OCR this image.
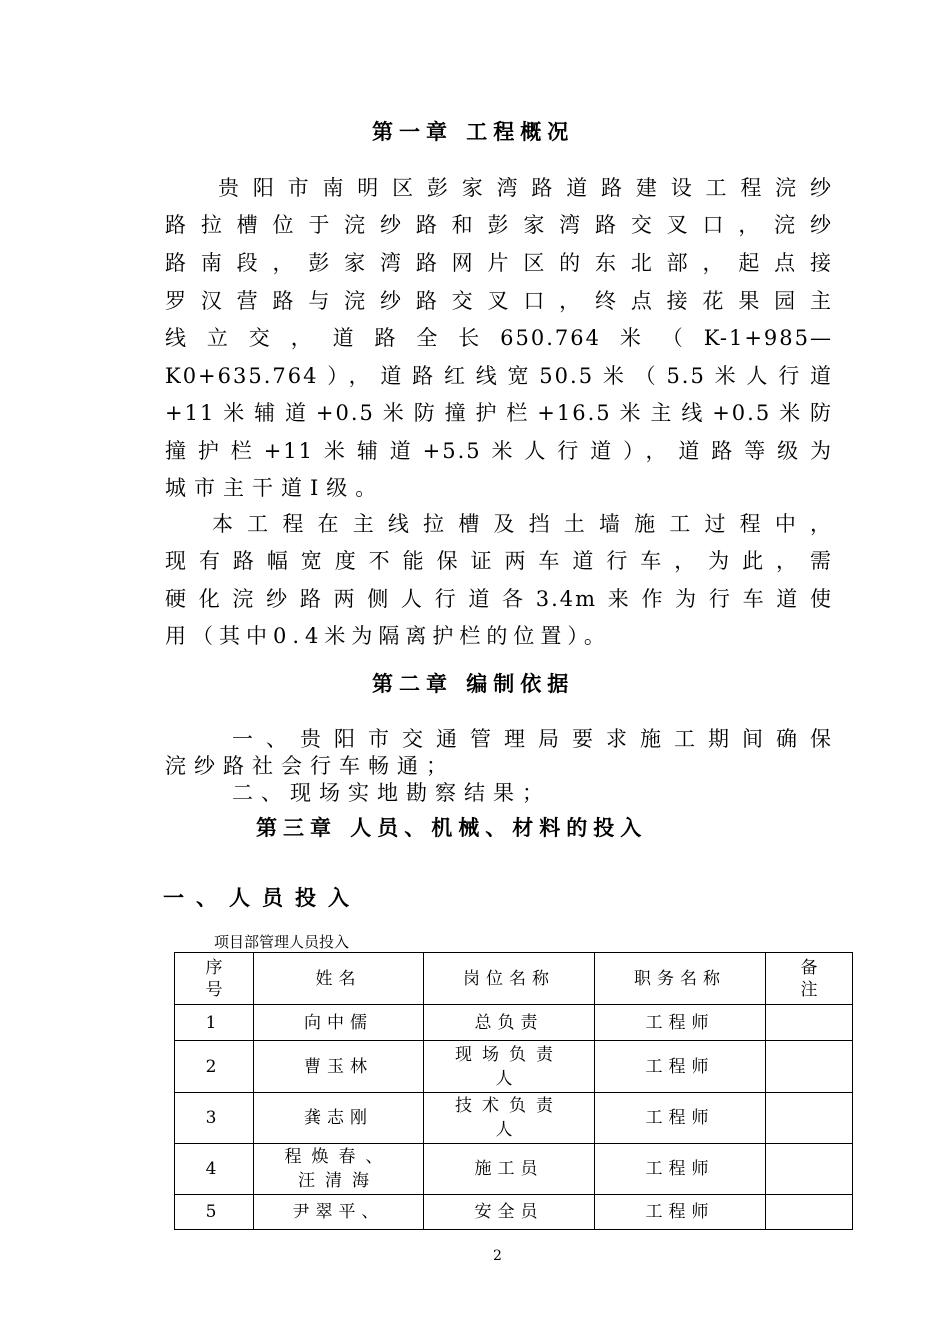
第一章 工程概况
贵阳市南明区彭家湾路道路建设工程浣纱
路拉槽位于浣纱路和彭家湾路交叉口，浣纱
路南段，彭家湾路网片区的东北部，起点接
罗汉营路与浣纱路交叉口，终点接花果园主
线立交，道路全长650.764米（K-1+985—
K0+635.764），道路红线宽50.5米（5.5米人行道
+11米辅道+0.5米防撞护栏+16.5米主线+0.5米防
撞护栏+11米辅道+5.5米人行道），道路等级为
城市主干道Ⅰ级。
本工程在主线拉槽及挡土墙施工过程中，
现有路幅宽度不能保证两车道行车，为此，需
硬化浣纱路两侧人行道各3.4m来作为行车道使
用（其中0.4米为隔离护栏的位置）。
第二章 编制依据
一、贵阳市交通管理局要求施工期间确保
浣纱路社会行车畅通；
二、现场实地勘察结果；
第三章 人员、机械、材料的投入
一、人员投入
项目部管理人员投入
序号	姓名	岗位名称	职务名称	备注
1	向中儒	总负责	工程师	
2	曹玉林	现场负责人	工程师	
3	龚志刚	技术负责人	工程师	
4	程焕春、汪清海	施工员	工程师	
5	尹翠平、	安全员	工程师	
2
